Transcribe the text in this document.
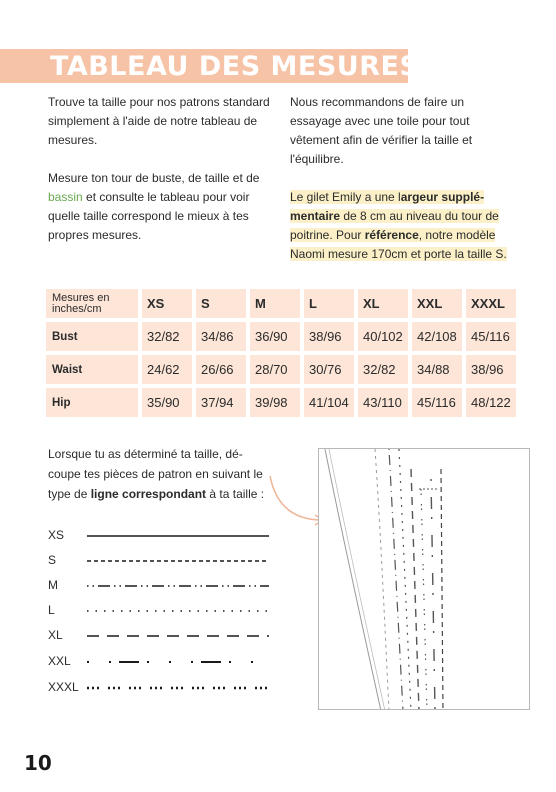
TABLEAU DES MESURES

Trouve ta taille pour nos patrons standard simplement à l'aide de notre tableau de mesures.

Mesure ton tour de buste, de taille et de bassin et consulte le tableau pour voir quelle taille correspond le mieux à tes propres mesures.

Nous recommandons de faire un essayage avec une toile pour tout vêtement afin de vérifier la taille et l'équilibre.

Le gilet Emily a une largeur supplé-mentaire de 8 cm au niveau du tour de poitrine. Pour référence, notre modèle Naomi mesure 170cm et porte la taille S.

Mesures en inches/cm	XS	S	M	L	XL	XXL	XXXL
Bust	32/82	34/86	36/90	38/96	40/102	42/108	45/116
Waist	24/62	26/66	28/70	30/76	32/82	34/88	38/96
Hip	35/90	37/94	39/98	41/104	43/110	45/116	48/122
Lorsque tu as déterminé ta taille, dé-coupe tes pièces de patron en suivant le type de ligne correspondant à ta taille :
XS
S
M
L
XL
XXL
XXXL
10
